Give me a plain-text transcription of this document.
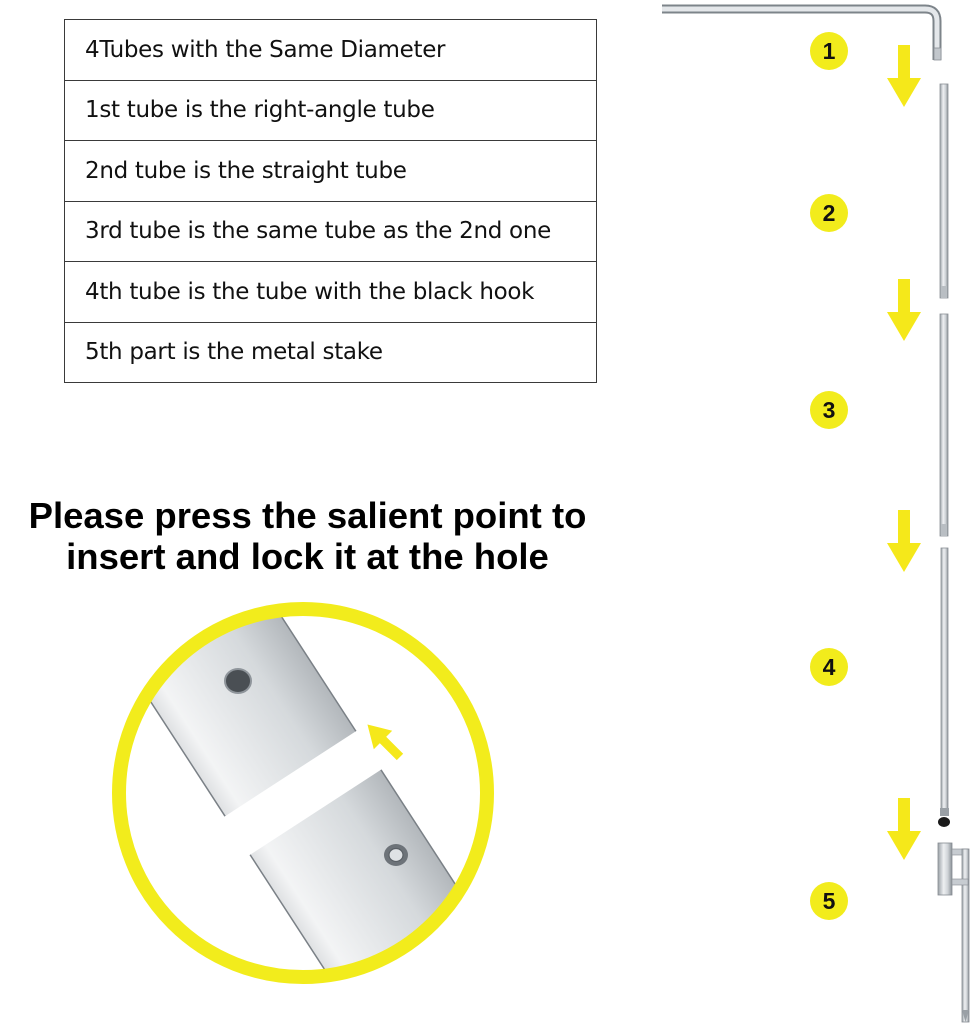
4Tubes with the Same Diameter
1st tube is the right-angle tube
2nd tube is the straight tube
3rd tube is the same tube as the 2nd one
4th tube is the tube with the black hook
5th part is the metal stake
Please press the salient point to
insert and lock it at the hole
1
2
3
4
5
